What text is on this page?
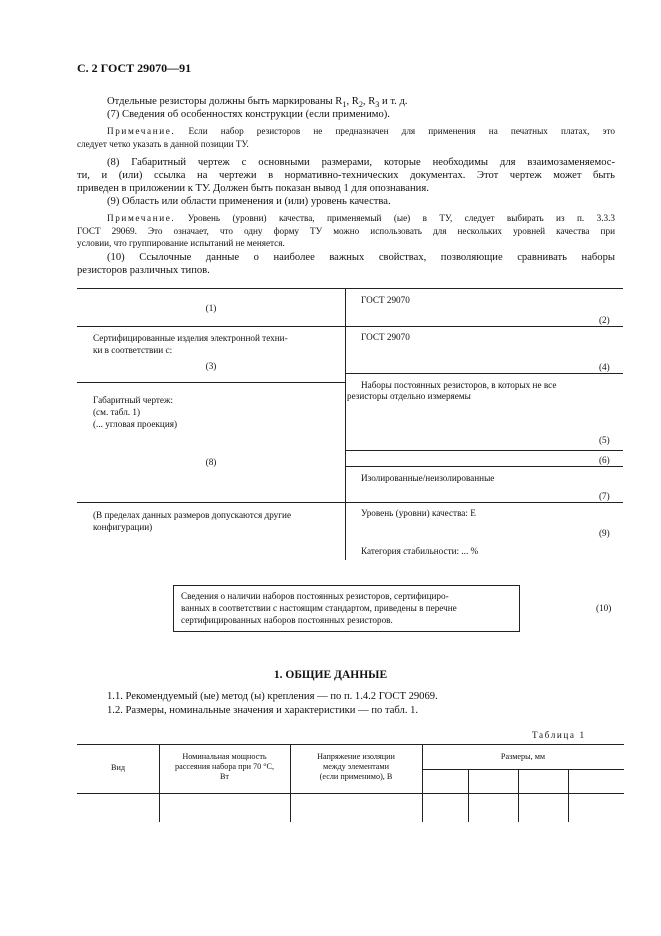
С. 2 ГОСТ 29070—91
Отдельные резисторы должны быть маркированы $R_1$, $R_2$, $R_3$ и т. д.
(7) Сведения об особенностях конструкции (если применимо).
Примечание. Если набор резисторов не предназначен для применения на печатных платах, это
следует четко указать в данной позиции ТУ.
(8) Габаритный чертеж с основными размерами, которые необходимы для взаимозаменяемос-
ти, и (или) ссылка на чертежи в нормативно-технических документах. Этот чертеж может быть
приведен в приложении к ТУ. Должен быть показан вывод 1 для опознавания.
(9) Область или области применения и (или) уровень качества.
Примечание. Уровень (уровни) качества, применяемый (ые) в ТУ, следует выбирать из п. 3.3.3
ГОСТ 29069. Это означает, что одну форму ТУ можно использовать для нескольких уровней качества при
условии, что группирование испытаний не меняется.
(10) Ссылочные данные о наиболее важных свойствах, позволяющие сравнивать наборы
резисторов различных типов.
(1)
Сертифицированные изделия электронной техни-
ки в соответствии с:
(3)
Габаритный чертеж:
(см. табл. 1)
(... угловая проекция)
(8)
(В пределах данных размеров допускаются другие
конфигурации)
ГОСТ 29070
(2)
ГОСТ 29070
(4)
Наборы постоянных резисторов, в которых не все
резисторы отдельно измеряемы
(5)
(6)
Изолированные/неизолированные
(7)
Уровень (уровни) качества: Е
(9)
Категория стабильности: ... %
Сведения о наличии наборов постоянных резисторов, сертифициро-
ванных в соответствии с настоящим стандартом, приведены в перечне
сертифицированных наборов постоянных резисторов.
(10)
1. ОБЩИЕ ДАННЫЕ
1.1. Рекомендуемый (ые) метод (ы) крепления — по п. 1.4.2 ГОСТ 29069.
1.2. Размеры, номинальные значения и характеристики — по табл. 1.
Таблица 1
Вид
Номинальная мощность
рассеяния набора при 70 °С,
Вт
Напряжение изоляции
между элементами
(если применимо), В
Размеры, мм
